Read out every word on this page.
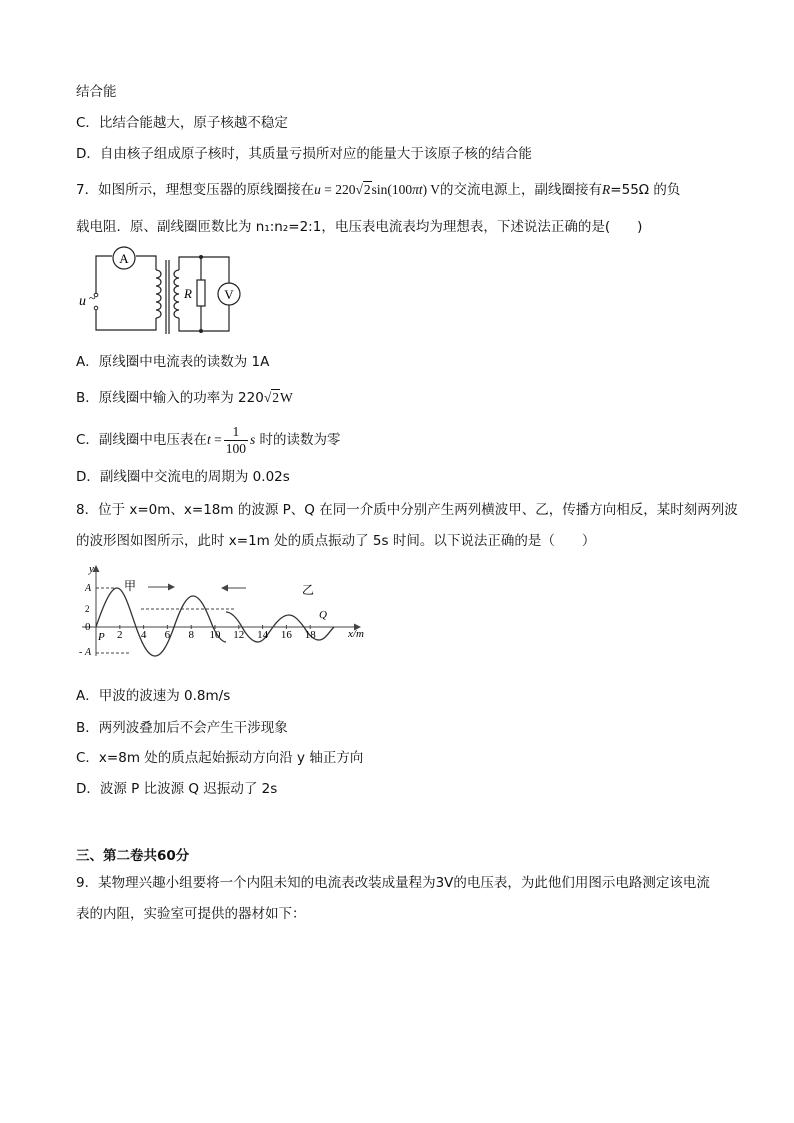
结合能
C．比结合能越大，原子核越不稳定
D．自由核子组成原子核时，其质量亏损所对应的能量大于该原子核的结合能
7．如图所示，理想变压器的原线圈接在u = 220√2sin(100πt) V的交流电源上，副线圈接有R=55Ω 的负
载电阻．原、副线圈匝数比为 n₁:n₂=2:1，电压表电流表均为理想表，下述说法正确的是(　　)
A
V
u ~	R
A．原线圈中电流表的读数为 1A
B．原线圈中输入的功率为 220√2W
C．副线圈中电压表在$t = \frac{1}{100}$ s 时的读数为零
D．副线圈中交流电的周期为 0.02s
8．位于 x=0m、x=18m 的波源 P、Q 在同一介质中分别产生两列横波甲、乙，传播方向相反，某时刻两列波
的波形图如图所示，此时 x=1m 处的质点振动了 5s 时间。以下说法正确的是（　　）
y
x/m
A
2
0
- A
P
Q
甲	乙
2 4 6 8 10 12 14 16 18
A．甲波的波速为 0.8m/s
B．两列波叠加后不会产生干涉现象
C．x=8m 处的质点起始振动方向沿 y 轴正方向
D．波源 P 比波源 Q 迟振动了 2s
三、第二卷共60分
9．某物理兴趣小组要将一个内阻未知的电流表改装成量程为3V的电压表，为此他们用图示电路测定该电流
表的内阻，实验室可提供的器材如下：
